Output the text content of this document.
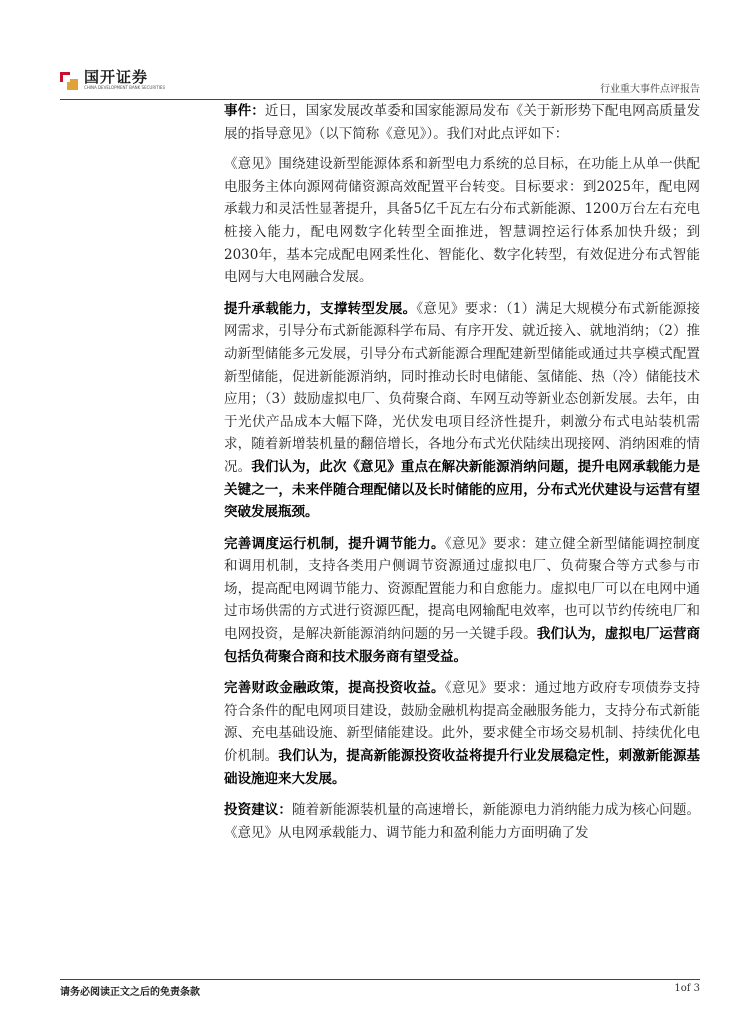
国开证券
CHINA DEVELOPMENT BANK SECURITIES	行业重大事件点评报告

事件：近日，国家发展改革委和国家能源局发布《关于新形势下配电网高质量发展的指导意见》（以下简称《意见》）。我们对此点评如下：

《意见》围绕建设新型能源体系和新型电力系统的总目标，在功能上从单一供配电服务主体向源网荷储资源高效配置平台转变。目标要求：到2025年，配电网承载力和灵活性显著提升，具备5亿千瓦左右分布式新能源、1200万台左右充电桩接入能力，配电网数字化转型全面推进，智慧调控运行体系加快升级；到2030年，基本完成配电网柔性化、智能化、数字化转型，有效促进分布式智能电网与大电网融合发展。

提升承载能力，支撑转型发展。《意见》要求：（1）满足大规模分布式新能源接网需求，引导分布式新能源科学布局、有序开发、就近接入、就地消纳；（2）推动新型储能多元发展，引导分布式新能源合理配建新型储能或通过共享模式配置新型储能，促进新能源消纳，同时推动长时电储能、氢储能、热（冷）储能技术应用；（3）鼓励虚拟电厂、负荷聚合商、车网互动等新业态创新发展。去年，由于光伏产品成本大幅下降，光伏发电项目经济性提升，刺激分布式电站装机需求，随着新增装机量的翻倍增长，各地分布式光伏陆续出现接网、消纳困难的情况。我们认为，此次《意见》重点在解决新能源消纳问题，提升电网承载能力是关键之一，未来伴随合理配储以及长时储能的应用，分布式光伏建设与运营有望突破发展瓶颈。

完善调度运行机制，提升调节能力。《意见》要求：建立健全新型储能调控制度和调用机制，支持各类用户侧调节资源通过虚拟电厂、负荷聚合等方式参与市场，提高配电网调节能力、资源配置能力和自愈能力。虚拟电厂可以在电网中通过市场供需的方式进行资源匹配，提高电网输配电效率，也可以节约传统电厂和电网投资，是解决新能源消纳问题的另一关键手段。我们认为，虚拟电厂运营商包括负荷聚合商和技术服务商有望受益。

完善财政金融政策，提高投资收益。《意见》要求：通过地方政府专项债券支持符合条件的配电网项目建设，鼓励金融机构提高金融服务能力，支持分布式新能源、充电基础设施、新型储能建设。此外，要求健全市场交易机制、持续优化电价机制。我们认为，提高新能源投资收益将提升行业发展稳定性，刺激新能源基础设施迎来大发展。

投资建议：随着新能源装机量的高速增长，新能源电力消纳能力成为核心问题。《意见》从电网承载能力、调节能力和盈利能力方面明确了发

请务必阅读正文之后的免责条款	1of 3
